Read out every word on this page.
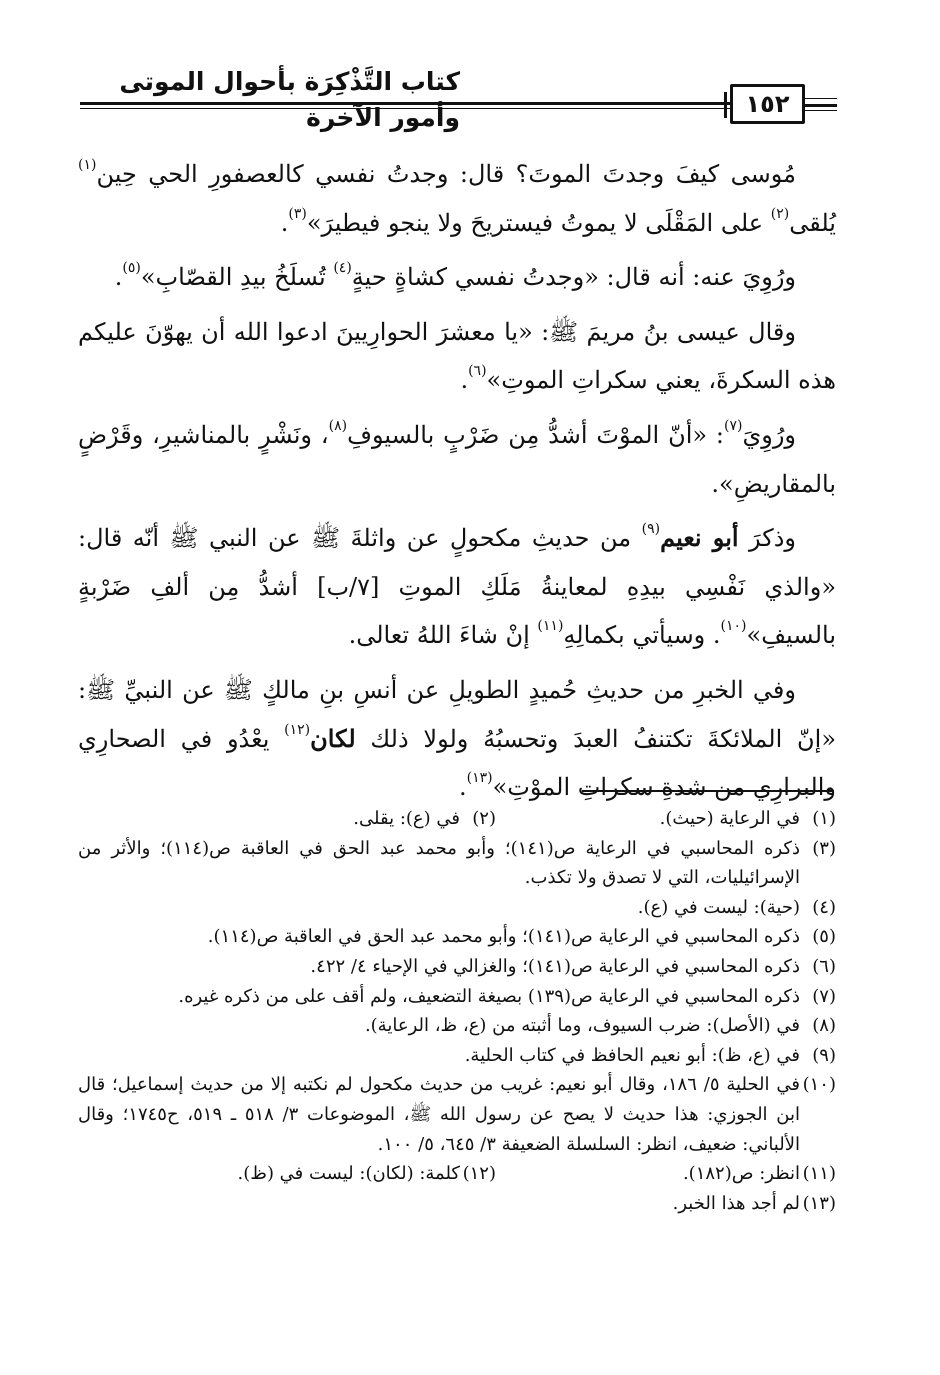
كتاب التَّذْكِرَة بأحوال الموتى وأمور الآخرة	١٥٢

مُوسى كيفَ وجدتَ الموتَ؟ قال: وجدتُ نفسي كالعصفورِ الحي حِين$^{(١)}$ يُلقى$^{(٢)}$ على المَقْلَى لا يموتُ فيستريحَ ولا ينجو فيطيرَ»$^{(٣)}$.

ورُوِيَ عنه: أنه قال: «وجدتُ نفسي كشاةٍ حيةٍ$^{(٤)}$ تُسلَخُ بيدِ القصّابِ»$^{(٥)}$.

وقال عيسى بنُ مريمَ ﷺ: «يا معشرَ الحوارِيينَ ادعوا الله أن يهوّنَ عليكم هذه السكرةَ، يعني سكراتِ الموتِ»$^{(٦)}$.

ورُوِيَ$^{(٧)}$: «أنّ الموْتَ أشدُّ مِن ضَرْبٍ بالسيوفِ$^{(٨)}$، ونَشْرٍ بالمناشيرِ، وقَرْضٍ بالمقاريضِ».

وذكرَ أبو نعيم$^{(٩)}$ من حديثِ مكحولٍ عن واثلةَ ﷺ عن النبي ﷺ أنّه قال: «والذي نَفْسِي بيدِهِ لمعاينةُ مَلَكِ الموتِ [٧/ب] أشدُّ مِن ألفِ ضَرْبةٍ بالسيفِ»$^{(١٠)}$. وسيأتي بكمالِهِ$^{(١١)}$ إنْ شاءَ اللهُ تعالى.

وفي الخبرِ من حديثِ حُميدٍ الطويلِ عن أنسِ بنِ مالكٍ ﷺ عن النبيِّ ﷺ: «إنّ الملائكةَ تكتنفُ العبدَ وتحسبُهُ ولولا ذلك لكان$^{(١٢)}$ يعْدُو في الصحارِي والبرارِي من شدةِ سكراتِ الموْتِ»$^{(١٣)}$.

(١)
في الرعاية (حيث).
(٢)
في (ع): يقلى.
(٣)
ذكره المحاسبي في الرعاية ص(١٤١)؛ وأبو محمد عبد الحق في العاقبة ص(١١٤)؛ والأثر من الإسرائيليات، التي لا تصدق ولا تكذب.
(٤)
(حية): ليست في (ع).
(٥)
ذكره المحاسبي في الرعاية ص(١٤١)؛ وأبو محمد عبد الحق في العاقبة ص(١١٤).
(٦)
ذكره المحاسبي في الرعاية ص(١٤١)؛ والغزالي في الإحياء ٤/ ٤٢٢.
(٧)
ذكره المحاسبي في الرعاية ص(١٣٩) بصيغة التضعيف، ولم أقف على من ذكره غيره.
(٨)
في (الأصل): ضرب السيوف، وما أثبته من (ع، ظ، الرعاية).
(٩)
في (ع، ظ): أبو نعيم الحافظ في كتاب الحلية.
(١٠)
في الحلية ٥/ ١٨٦، وقال أبو نعيم: غريب من حديث مكحول لم نكتبه إلا من حديث إسماعيل؛ قال ابن الجوزي: هذا حديث لا يصح عن رسول الله ﷺ، الموضوعات ٣/ ٥١٨ ـ ٥١٩، ح١٧٤٥؛ وقال الألباني: ضعيف، انظر: السلسلة الضعيفة ٣/ ٦٤٥، ٥/ ١٠٠.
(١١)
انظر: ص(١٨٢).
(١٢)
كلمة: (لكان): ليست في (ظ).
(١٣)
لم أجد هذا الخبر.
